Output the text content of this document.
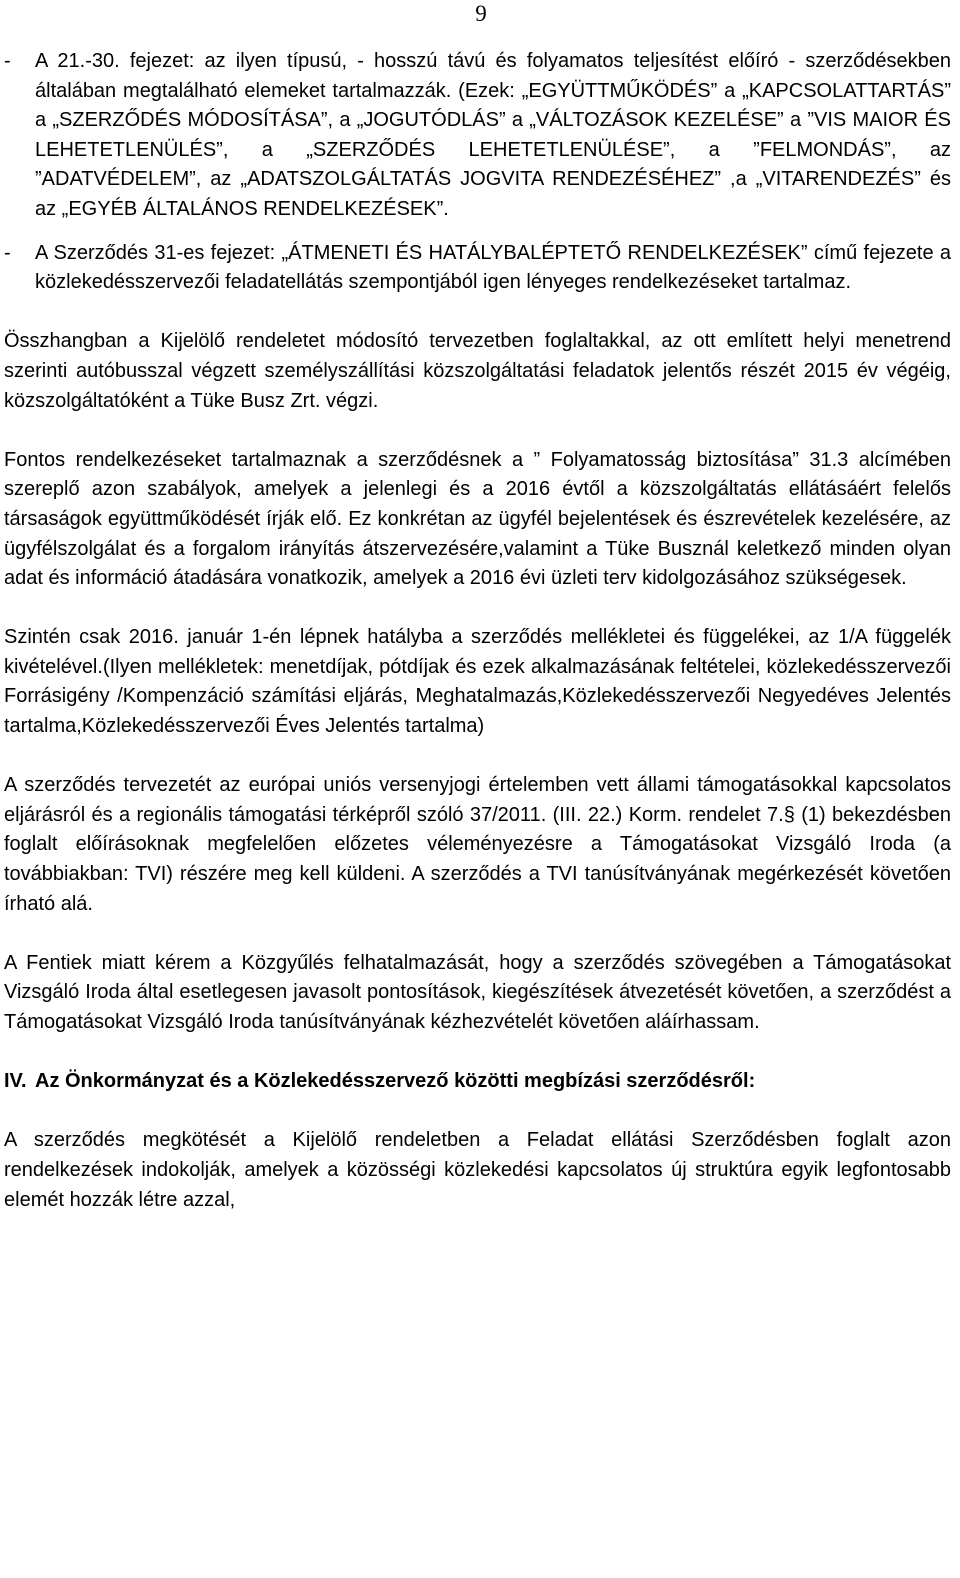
9
-	A 21.-30. fejezet: az ilyen típusú, - hosszú távú és folyamatos teljesítést előíró - szerződésekben általában megtalálható elemeket tartalmazzák. (Ezek: „EGYÜTTMŰKÖDÉS” a „KAPCSOLATTARTÁS” a „SZERZŐDÉS MÓDOSÍTÁSA”, a „JOGUTÓDLÁS” a „VÁLTOZÁSOK KEZELÉSE” a ”VIS MAIOR ÉS LEHETETLENÜLÉS”, a „SZERZŐDÉS LEHETETLENÜLÉSE”, a ”FELMONDÁS”, az ”ADATVÉDELEM”, az „ADATSZOLGÁLTATÁS JOGVITA RENDEZÉSÉHEZ” ,a „VITARENDEZÉS” és az „EGYÉB ÁLTALÁNOS RENDELKEZÉSEK”.
-	A Szerződés 31-es fejezet: „ÁTMENETI ÉS HATÁLYBALÉPTETŐ RENDELKEZÉSEK” című fejezete a közlekedésszervezői feladatellátás szempontjából igen lényeges rendelkezéseket tartalmaz.

Összhangban a Kijelölő rendeletet módosító tervezetben foglaltakkal, az ott említett helyi menetrend szerinti autóbusszal végzett személyszállítási közszolgáltatási feladatok jelentős részét 2015 év végéig, közszolgáltatóként a Tüke Busz Zrt. végzi.

Fontos rendelkezéseket tartalmaznak a szerződésnek a ” Folyamatosság biztosítása” 31.3 alcímében szereplő azon szabályok, amelyek a jelenlegi és a 2016 évtől a közszolgáltatás ellátásáért felelős társaságok együttműködését írják elő. Ez konkrétan az ügyfél bejelentések és észrevételek kezelésére, az ügyfélszolgálat és a forgalom irányítás átszervezésére,valamint a Tüke Busznál keletkező minden olyan adat és információ átadására vonatkozik, amelyek a 2016 évi üzleti terv kidolgozásához szükségesek.

Szintén csak 2016. január 1-én lépnek hatályba a szerződés mellékletei és függelékei, az 1/A függelék kivételével.(Ilyen mellékletek: menetdíjak, pótdíjak és ezek alkalmazásának feltételei, közlekedésszervezői Forrásigény /Kompenzáció számítási eljárás, Meghatalmazás,Közlekedésszervezői Negyedéves Jelentés tartalma,Közlekedésszervezői Éves Jelentés tartalma)

A szerződés tervezetét az európai uniós versenyjogi értelemben vett állami támogatásokkal kapcsolatos eljárásról és a regionális támogatási térképről szóló 37/2011. (III. 22.) Korm. rendelet 7.§ (1) bekezdésben foglalt előírásoknak megfelelően előzetes véleményezésre a Támogatásokat Vizsgáló Iroda (a továbbiakban: TVI) részére meg kell küldeni. A szerződés a TVI tanúsítványának megérkezését követően írható alá.

A Fentiek miatt kérem a Közgyűlés felhatalmazását, hogy a szerződés szövegében a Támogatásokat Vizsgáló Iroda által esetlegesen javasolt pontosítások, kiegészítések átvezetését követően, a szerződést a Támogatásokat Vizsgáló Iroda tanúsítványának kézhezvételét követően aláírhassam.

IV. Az Önkormányzat és a Közlekedésszervező közötti megbízási szerződésről:

A szerződés megkötését a Kijelölő rendeletben a Feladat ellátási Szerződésben foglalt azon rendelkezések indokolják, amelyek a közösségi közlekedési kapcsolatos új struktúra egyik legfontosabb elemét hozzák létre azzal,
